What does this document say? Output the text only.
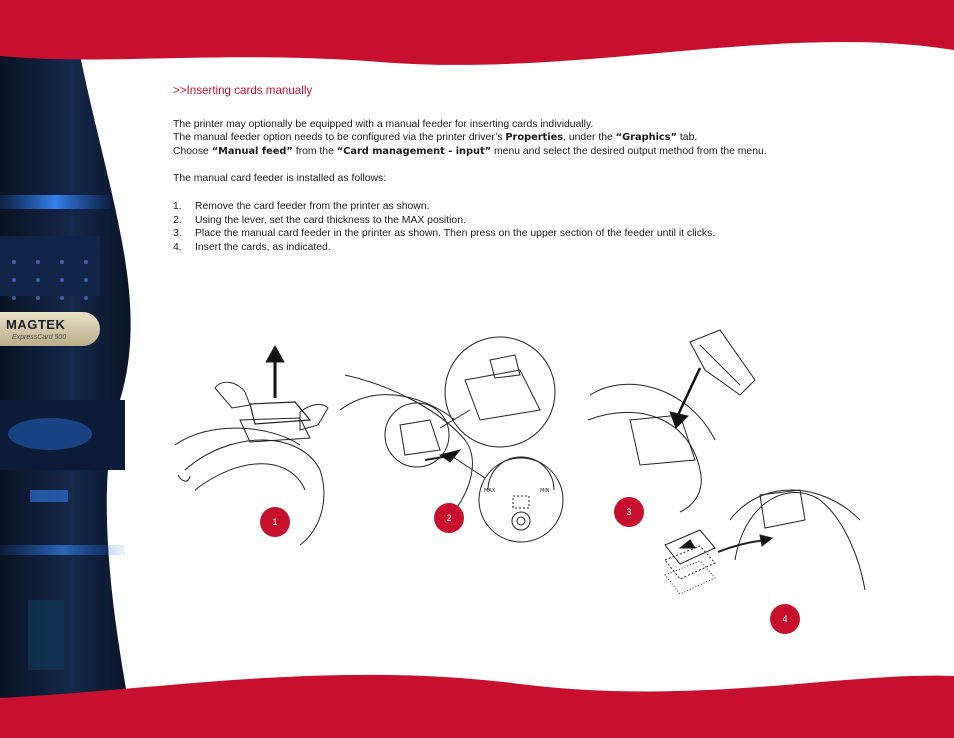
MAGTEK
ExpressCard 500
>>Inserting cards manually

The printer may optionally be equipped with a manual feeder for inserting cards individually.

The manual feeder option needs to be configured via the printer driver’s Properties, under the “Graphics” tab.

Choose “Manual feed” from the “Card management - input” menu and select the desired output method from the menu.

The manual card feeder is installed as follows:

1. Remove the card feeder from the printer as shown.
2. Using the lever, set the card thickness to the MAX position.
3. Place the manual card feeder in the printer as shown. Then press on the upper section of the feeder until it clicks.
4. Insert the cards, as indicated.
MAX	MIN
1	2
3
4
